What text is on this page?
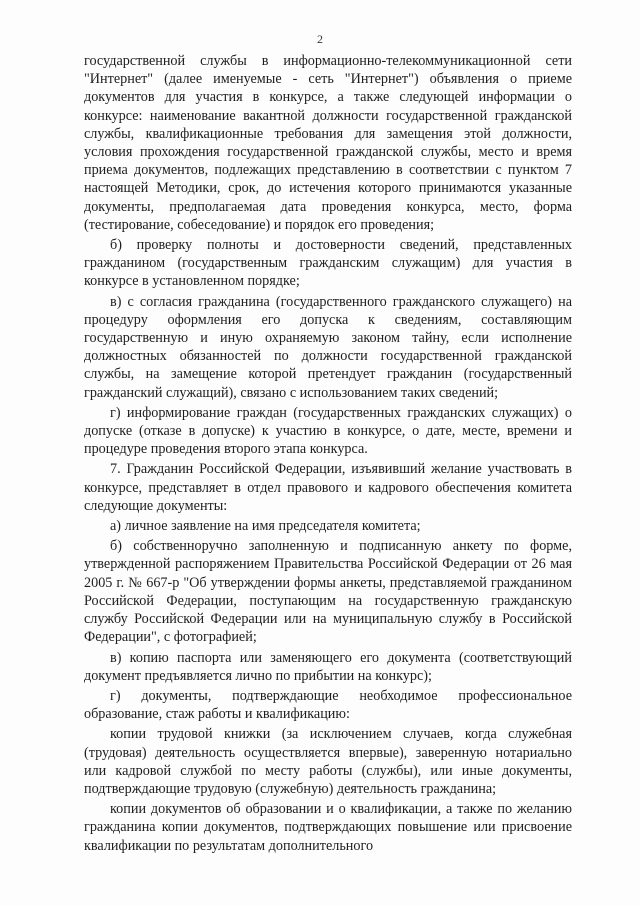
2

государственной службы в информационно-телекоммуникационной сети "Интернет" (далее именуемые - сеть "Интернет") объявления о приеме документов для участия в конкурсе, а также следующей информации о конкурсе: наименование вакантной должности государственной гражданской службы, квалификационные требования для замещения этой должности, условия прохождения государственной гражданской службы, место и время приема документов, подлежащих представлению в соответствии с пунктом 7 настоящей Методики, срок, до истечения которого принимаются указанные документы, предполагаемая дата проведения конкурса, место, форма (тестирование, собеседование) и порядок его проведения;

б) проверку полноты и достоверности сведений, представленных гражданином (государственным гражданским служащим) для участия в конкурсе в установленном порядке;

в) с согласия гражданина (государственного гражданского служащего) на процедуру оформления его допуска к сведениям, составляющим государственную и иную охраняемую законом тайну, если исполнение должностных обязанностей по должности государственной гражданской службы, на замещение которой претендует гражданин (государственный гражданский служащий), связано с использованием таких сведений;

г) информирование граждан (государственных гражданских служащих) о допуске (отказе в допуске) к участию в конкурсе, о дате, месте, времени и процедуре проведения второго этапа конкурса.

7. Гражданин Российской Федерации, изъявивший желание участвовать в конкурсе, представляет в отдел правового и кадрового обеспечения комитета следующие документы:

а) личное заявление на имя председателя комитета;

б) собственноручно заполненную и подписанную анкету по форме, утвержденной распоряжением Правительства Российской Федерации от 26 мая 2005 г. № 667-р "Об утверждении формы анкеты, представляемой гражданином Российской Федерации, поступающим на государственную гражданскую службу Российской Федерации или на муниципальную службу в Российской Федерации", с фотографией;

в) копию паспорта или заменяющего его документа (соответствующий документ предъявляется лично по прибытии на конкурс);

г) документы, подтверждающие необходимое профессиональное образование, стаж работы и квалификацию:

копии трудовой книжки (за исключением случаев, когда служебная (трудовая) деятельность осуществляется впервые), заверенную нотариально или кадровой службой по месту работы (службы), или иные документы, подтверждающие трудовую (служебную) деятельность гражданина;

копии документов об образовании и о квалификации, а также по желанию гражданина копии документов, подтверждающих повышение или присвоение квалификации по результатам дополнительного
